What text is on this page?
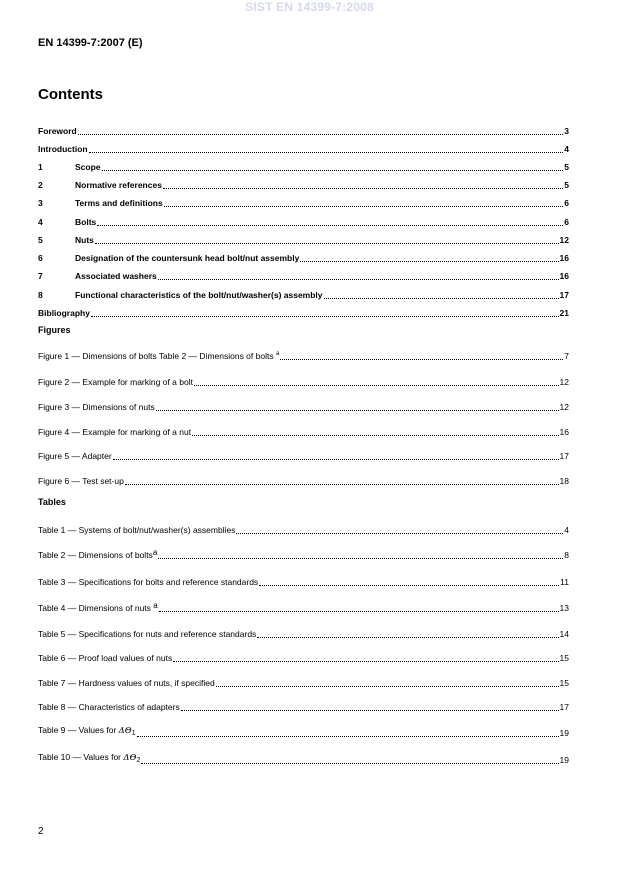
SIST EN 14399-7:2008
EN 14399-7:2007 (E)
Contents
Foreword	3
Introduction	4
1	Scope	5
2	Normative references	5
3	Terms and definitions	6
4	Bolts	6
5	Nuts	12
6	Designation of the countersunk head bolt/nut assembly	16
7	Associated washers	16
8	Functional characteristics of the bolt/nut/washer(s) assembly	17
Bibliography	21
Figures
Figure 1 — Dimensions of bolts Table 2 — Dimensions of bolts $^a$	7
Figure 2 — Example for marking of a bolt	12
Figure 3 — Dimensions of nuts	12
Figure 4 — Example for marking of a nut	16
Figure 5 — Adapter	17
Figure 6 — Test set-up	18
Tables
Table 1 — Systems of bolt/nut/washer(s) assemblies	4
Table 2 — Dimensions of bolts$^a$	8
Table 3 — Specifications for bolts and reference standards	11
Table 4 — Dimensions of nuts $^a$	13
Table 5 — Specifications for nuts and reference standards	14
Table 6 — Proof load values of nuts	15
Table 7 — Hardness values of nuts, if specified	15
Table 8 — Characteristics of adapters	17
Table 9 — Values for $\Delta\Theta_1$	19
Table 10 — Values for $\Delta\Theta_2$	19
2
